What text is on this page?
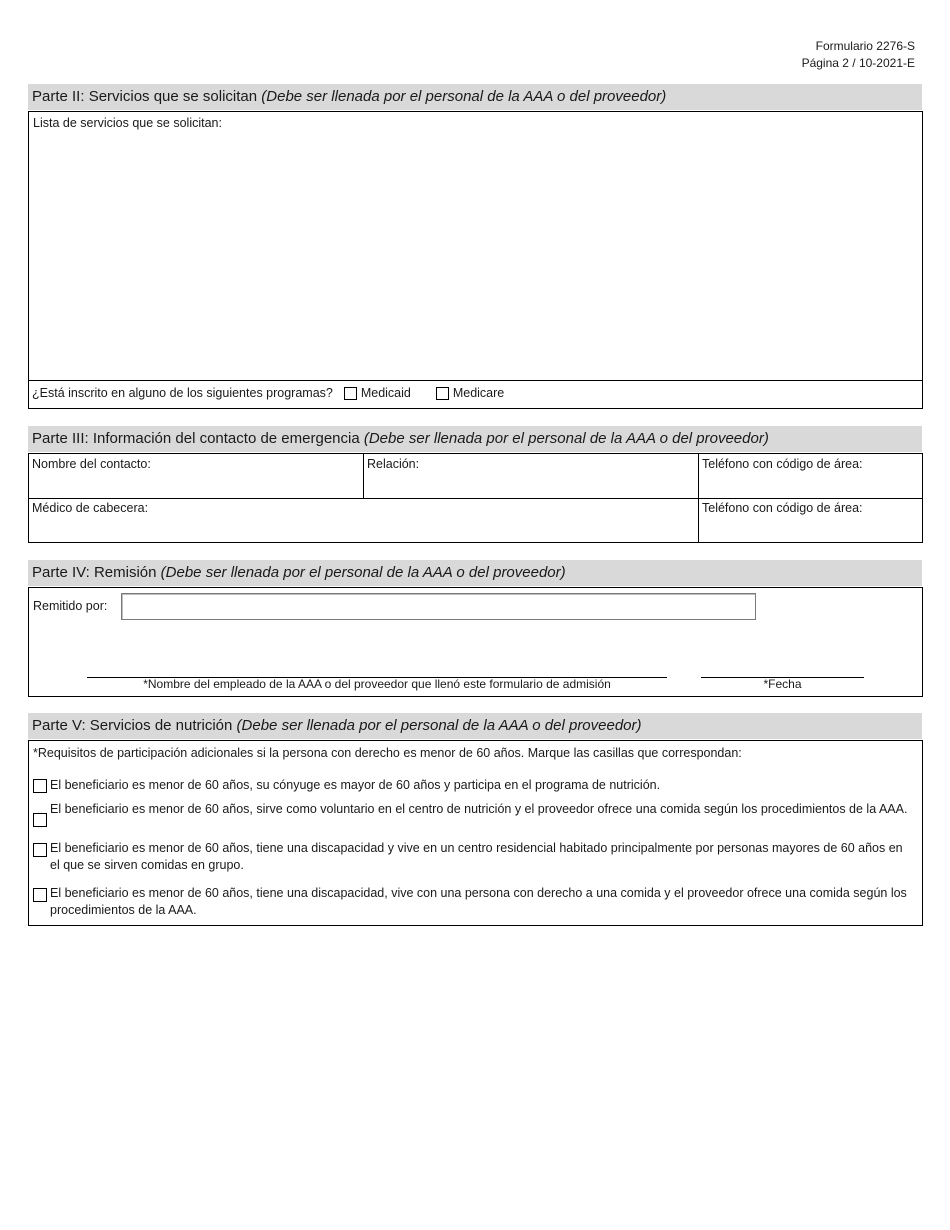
Formulario 2276-S
Página 2 / 10-2021-E
Parte II: Servicios que se solicitan (Debe ser llenada por el personal de la AAA o del proveedor)
Lista de servicios que se solicitan:
¿Está inscrito en alguno de los siguientes programas? Medicaid	Medicare
Parte III: Información del contacto de emergencia (Debe ser llenada por el personal de la AAA o del proveedor)
Nombre del contacto:	Relación:	Teléfono con código de área:
Médico de cabecera:	Teléfono con código de área:
Parte IV: Remisión (Debe ser llenada por el personal de la AAA o del proveedor)
Remitido por:
*Nombre del empleado de la AAA o del proveedor que llenó este formulario de admisión	*Fecha
Parte V: Servicios de nutrición (Debe ser llenada por el personal de la AAA o del proveedor)
*Requisitos de participación adicionales si la persona con derecho es menor de 60 años. Marque las casillas que correspondan:
El beneficiario es menor de 60 años, su cónyuge es mayor de 60 años y participa en el programa de nutrición.
El beneficiario es menor de 60 años, sirve como voluntario en el centro de nutrición y el proveedor ofrece una comida según los procedimientos de la AAA.
El beneficiario es menor de 60 años, tiene una discapacidad y vive en un centro residencial habitado principalmente por personas mayores de 60 años en el que se sirven comidas en grupo.
El beneficiario es menor de 60 años, tiene una discapacidad, vive con una persona con derecho a una comida y el proveedor ofrece una comida según los procedimientos de la AAA.
